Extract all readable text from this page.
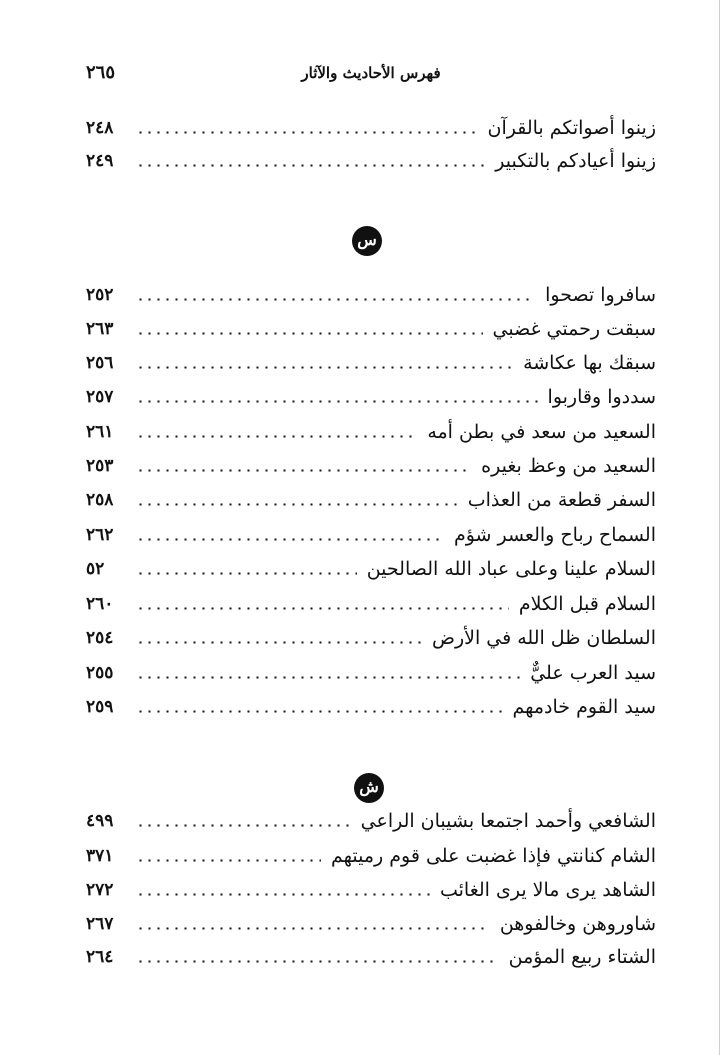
٢٦٥	فهرس الأحاديث والآثار
٢٤٨	زينوا أصواتكم بالقرآن
٢٤٩	زينوا أعيادكم بالتكبير
س
٢٥٢	سافروا تصحوا
٢٦٣	سبقت رحمتي غضبي
٢٥٦	سبقك بها عكاشة
٢٥٧	سددوا وقاربوا
٢٦١	السعيد من سعد في بطن أمه
٢٥٣	السعيد من وعظ بغيره
٢٥٨	السفر قطعة من العذاب
٢٦٢	السماح رباح والعسر شؤم
٥٢	السلام علينا وعلى عباد الله الصالحين
٢٦٠	السلام قبل الكلام
٢٥٤	السلطان ظل الله في الأرض
٢٥٥	سيد العرب عليٌّ
٢٥٩	سيد القوم خادمهم
ش
٤٩٩	الشافعي وأحمد اجتمعا بشيبان الراعي
٣٧١	الشام كنانتي فإذا غضبت على قوم رميتهم
٢٧٢	الشاهد يرى مالا يرى الغائب
٢٦٧	شاوروهن وخالفوهن
٢٦٤	الشتاء ربيع المؤمن
